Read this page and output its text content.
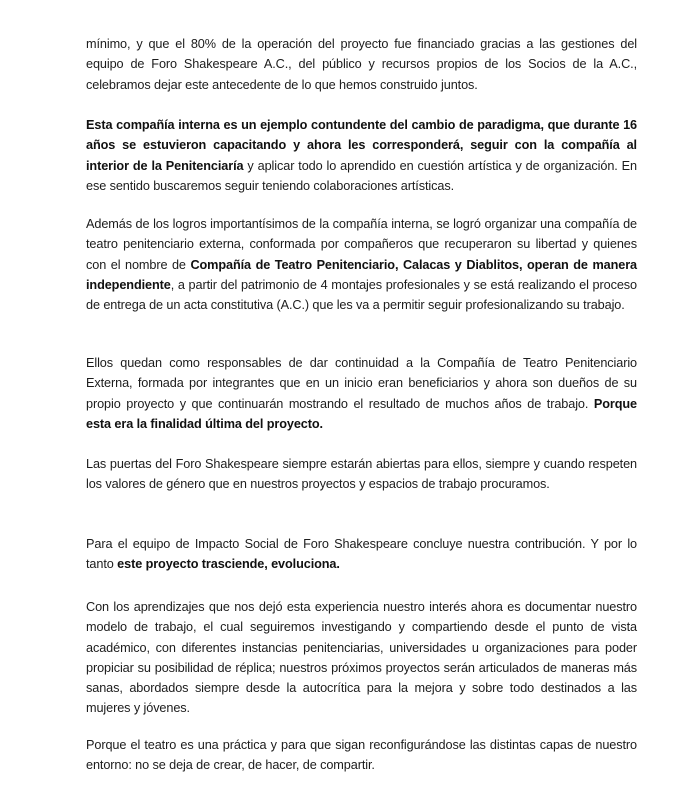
mínimo, y que el 80% de la operación del proyecto fue financiado gracias a las gestiones del equipo de Foro Shakespeare A.C., del público y recursos propios de los Socios de la A.C., celebramos dejar este antecedente de lo que hemos construido juntos.

Esta compañía interna es un ejemplo contundente del cambio de paradigma, que durante 16 años se estuvieron capacitando y ahora les corresponderá, seguir con la compañía al interior de la Penitenciaría y aplicar todo lo aprendido en cuestión artística y de organización. En ese sentido buscaremos seguir teniendo colaboraciones artísticas.

Además de los logros importantísimos de la compañía interna, se logró organizar una compañía de teatro penitenciario externa, conformada por compañeros que recuperaron su libertad y quienes con el nombre de Compañía de Teatro Penitenciario, Calacas y Diablitos, operan de manera independiente, a partir del patrimonio de 4 montajes profesionales y se está realizando el proceso de entrega de un acta constitutiva (A.C.) que les va a permitir seguir profesionalizando su trabajo.

Ellos quedan como responsables de dar continuidad a la Compañía de Teatro Penitenciario Externa, formada por integrantes que en un inicio eran beneficiarios y ahora son dueños de su propio proyecto y que continuarán mostrando el resultado de muchos años de trabajo. Porque esta era la finalidad última del proyecto.

Las puertas del Foro Shakespeare siempre estarán abiertas para ellos, siempre y cuando respeten los valores de género que en nuestros proyectos y espacios de trabajo procuramos.

Para el equipo de Impacto Social de Foro Shakespeare concluye nuestra contribución. Y por lo tanto este proyecto trasciende, evoluciona.

Con los aprendizajes que nos dejó esta experiencia nuestro interés ahora es documentar nuestro modelo de trabajo, el cual seguiremos investigando y compartiendo desde el punto de vista académico, con diferentes instancias penitenciarias, universidades u organizaciones para poder propiciar su posibilidad de réplica; nuestros próximos proyectos serán articulados de maneras más sanas, abordados siempre desde la autocrítica para la mejora y sobre todo destinados a las mujeres y jóvenes.

Porque el teatro es una práctica y para que sigan reconfigurándose las distintas capas de nuestro entorno: no se deja de crear, de hacer, de compartir.
